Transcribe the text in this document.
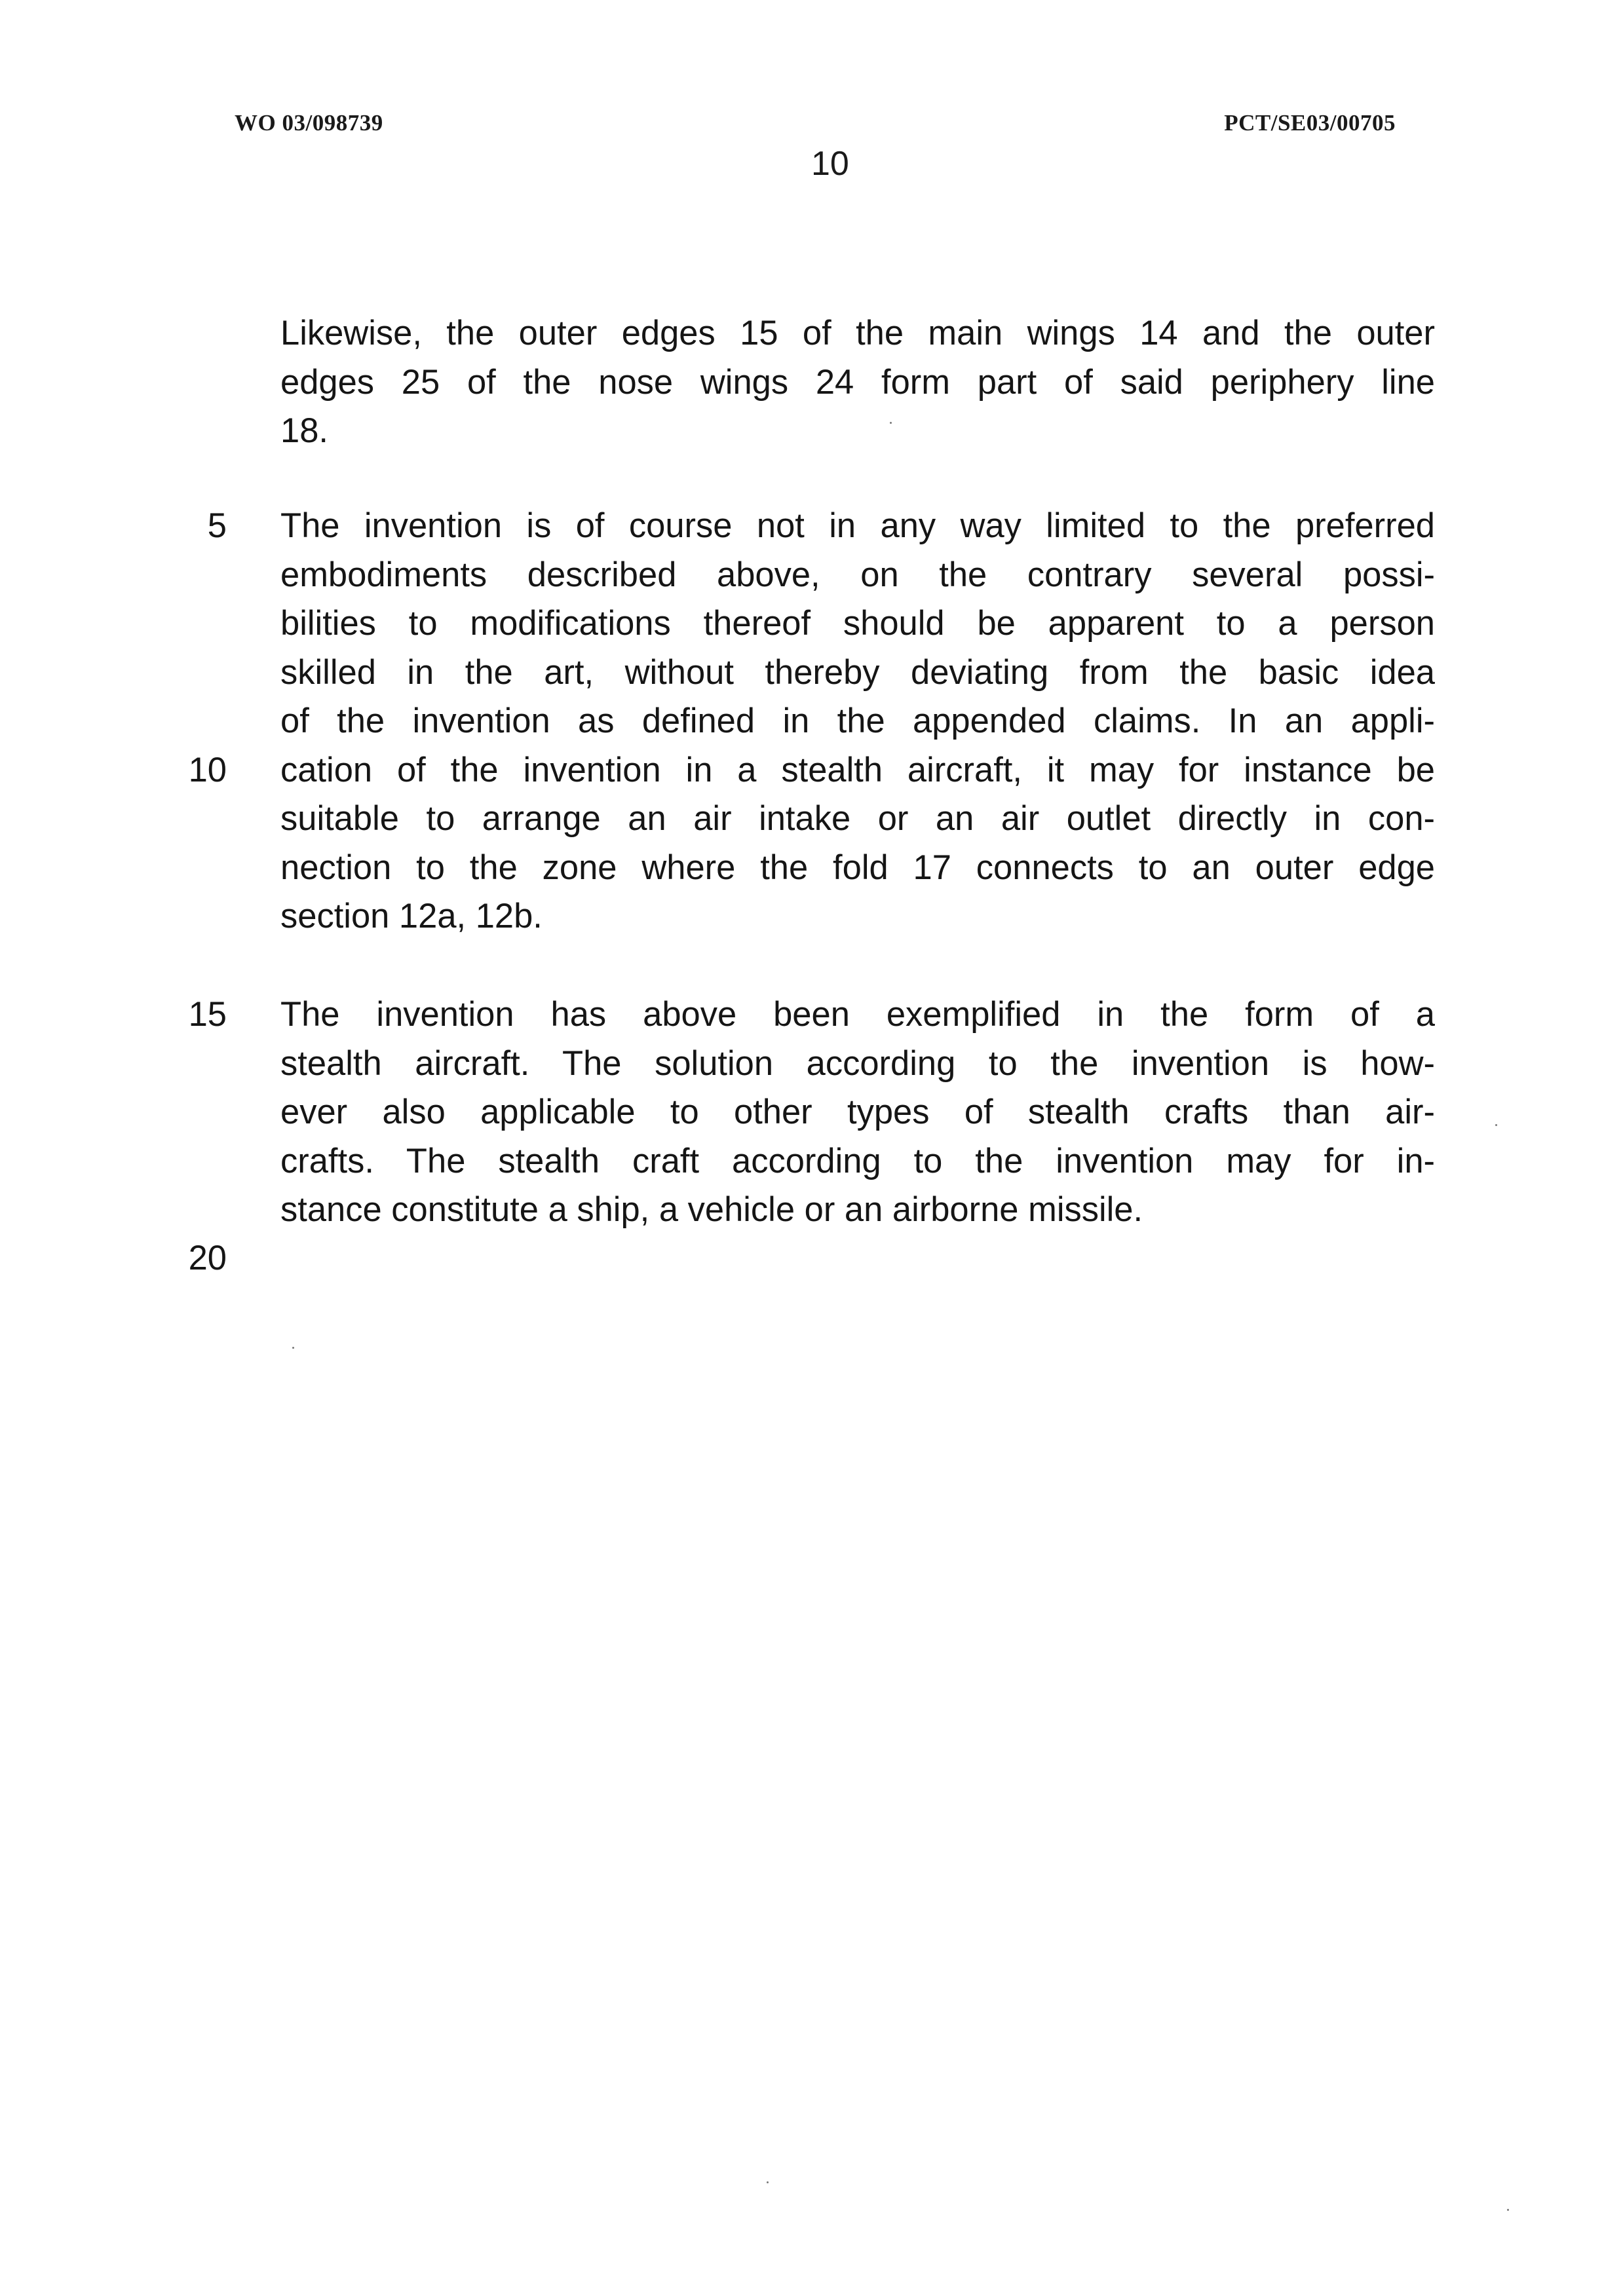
WO 03/098739	PCT/SE03/00705
10
Likewise, the outer edges 15 of the main wings 14 and the outer
edges 25 of the nose wings 24 form part of said periphery line
18.
The invention is of course not in any way limited to the preferred
embodiments described above, on the contrary several possi-
bilities to modifications thereof should be apparent to a person
skilled in the art, without thereby deviating from the basic idea
of the invention as defined in the appended claims. In an appli-
cation of the invention in a stealth aircraft, it may for instance be
suitable to arrange an air intake or an air outlet directly in con-
nection to the zone where the fold 17 connects to an outer edge
section 12a, 12b.
The invention has above been exemplified in the form of a
stealth aircraft. The solution according to the invention is how-
ever also applicable to other types of stealth crafts than air-
crafts. The stealth craft according to the invention may for in-
stance constitute a ship, a vehicle or an airborne missile.
5
10
15
20
